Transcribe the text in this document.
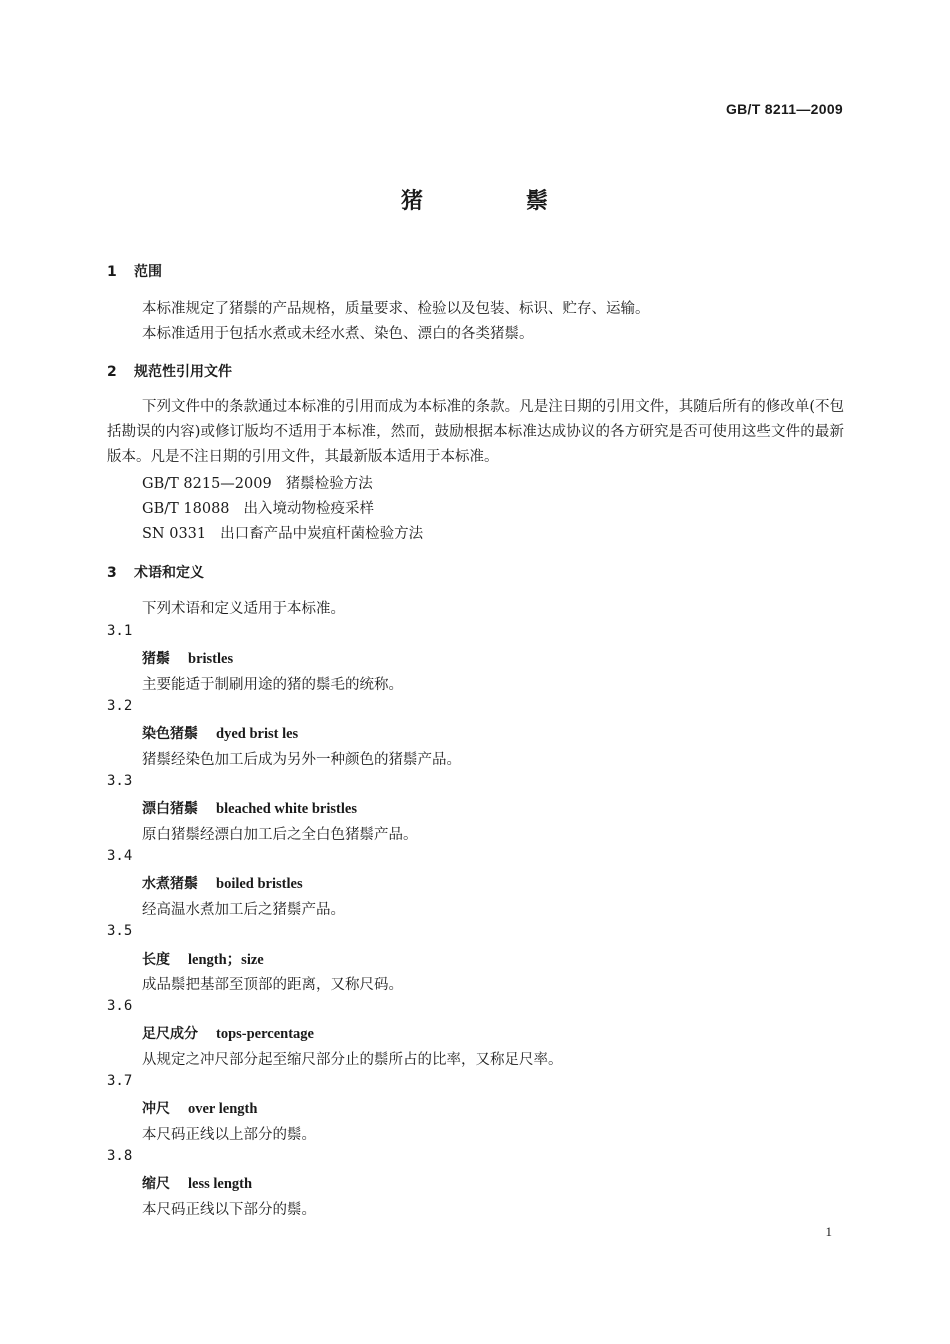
GB/T 8211—2009
猪	鬃
1 范围
本标准规定了猪鬃的产品规格，质量要求、检验以及包装、标识、贮存、运输。
本标准适用于包括水煮或未经水煮、染色、漂白的各类猪鬃。
2 规范性引用文件
下列文件中的条款通过本标准的引用而成为本标准的条款。凡是注日期的引用文件，其随后所有的修改单(不包括勘误的内容)或修订版均不适用于本标准，然而，鼓励根据本标准达成协议的各方研究是否可使用这些文件的最新版本。凡是不注日期的引用文件，其最新版本适用于本标准。
GB/T 8215—2009 猪鬃检验方法
GB/T 18088 出入境动物检疫采样
SN 0331 出口畜产品中炭疽杆菌检验方法
3 术语和定义
下列术语和定义适用于本标准。
3.1
猪鬃 bristles
主要能适于制刷用途的猪的鬃毛的统称。
3.2
染色猪鬃 dyed brist les
猪鬃经染色加工后成为另外一种颜色的猪鬃产品。
3.3
漂白猪鬃 bleached white bristles
原白猪鬃经漂白加工后之全白色猪鬃产品。
3.4
水煮猪鬃 boiled bristles
经高温水煮加工后之猪鬃产品。
3.5
长度 length；size
成品鬃把基部至顶部的距离，又称尺码。
3.6
足尺成分 tops-percentage
从规定之冲尺部分起至缩尺部分止的鬃所占的比率，又称足尺率。
3.7
冲尺 over length
本尺码正线以上部分的鬃。
3.8
缩尺 less length
本尺码正线以下部分的鬃。
1
